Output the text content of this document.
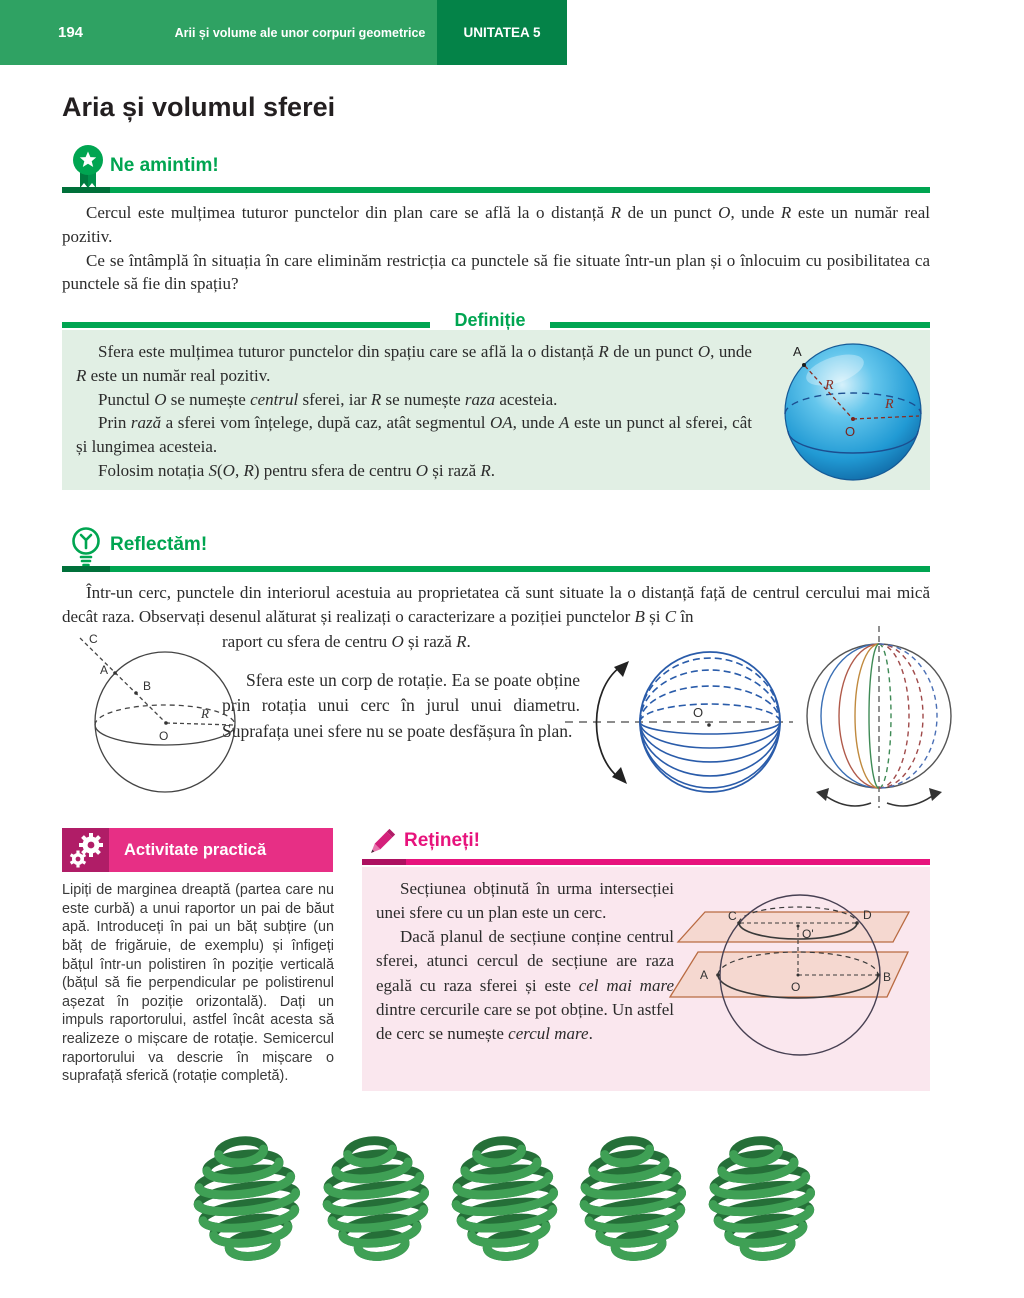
194	Arii și volume ale unor corpuri geometrice	UNITATEA 5
Aria și volumul sferei
Ne amintim!

Cercul este mulțimea tuturor punctelor din plan care se află la o distanță R de un punct O, unde R este un număr real pozitiv.

Ce se întâmplă în situația în care eliminăm restricția ca punctele să fie situate într-un plan și o înlocuim cu posibilitatea ca punctele să fie din spațiu?

Definiție

Sfera este mulțimea tuturor punctelor din spațiu care se află la o distanță R de un punct O, unde R este un număr real pozitiv.

Punctul O se numește centrul sferei, iar R se numește raza acesteia.

Prin rază a sferei vom înțelege, după caz, atât segmentul OA, unde A este un punct al sferei, cât și lungimea acesteia.

Folosim notația S(O, R) pentru sfera de centru O și rază R.

A
R
R
O
Reflectăm!

Într-un cerc, punctele din interiorul acestuia au proprietatea că sunt situate la o distanță față de centrul cercului mai mică decât raza. Observați desenul alăturat și realizați o caracterizare a poziției punctelor B și C în

raport cu sfera de centru O și rază R.

Sfera este un corp de rotație. Ea se poate obține prin rotația unui cerc în jurul unui diametru. Suprafața unei sfere nu se poate desfășura în plan.

C
A
B
O
R	O
Activitate practică

Lipiți de marginea dreaptă (partea care nu este curbă) a unui raportor un pai de băut apă. Introduceți în pai un băț subțire (un băț de frigăruie, de exemplu) și înfigeți bățul într-un polistiren în poziție verticală (bățul să fie perpendicular pe polistirenul așezat în poziție orizontală). Dați un impuls raportorului, astfel încât acesta să realizeze o mișcare de rotație. Semicercul raportorului va descrie în mișcare o suprafață sferică (rotație completă).

Rețineți!

Secțiunea obținută în urma intersecției unei sfere cu un plan este un cerc.

Dacă planul de secțiune conține centrul sferei, atunci cercul de secțiune are raza egală cu raza sferei și este cel mai mare dintre cercurile care se pot obține. Un astfel de cerc se numește cercul mare.

C	D
O'
A	B
O
